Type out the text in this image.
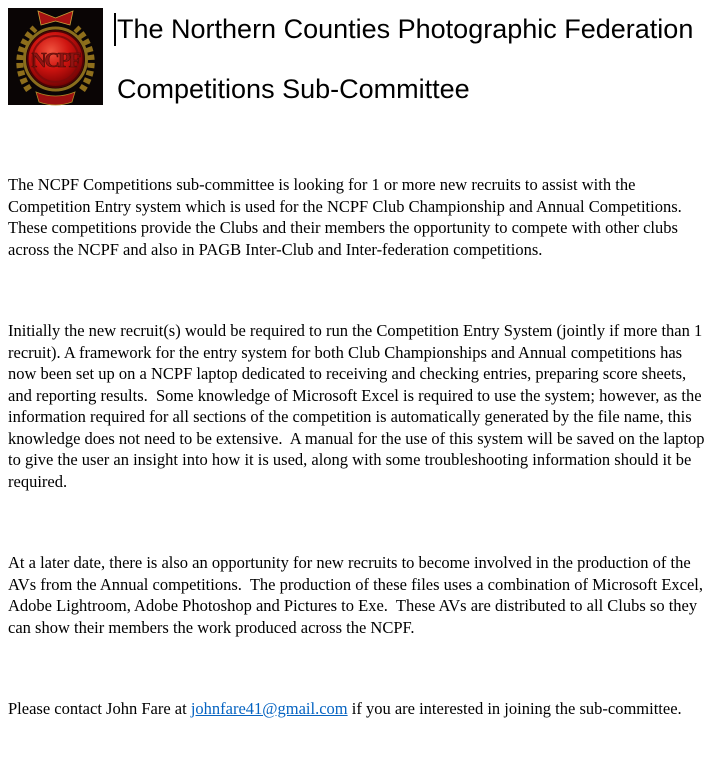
NCPF
The Northern Counties Photographic Federation
Competitions Sub-Committee

The NCPF Competitions sub-committee is looking for 1 or more new recruits to assist with the Competition Entry system which is used for the NCPF Club Championship and Annual Competitions.  These competitions provide the Clubs and their members the opportunity to compete with other clubs across the NCPF and also in PAGB Inter-Club and Inter-federation competitions.

Initially the new recruit(s) would be required to run the Competition Entry System (jointly if more than 1 recruit). A framework for the entry system for both Club Championships and Annual competitions has now been set up on a NCPF laptop dedicated to receiving and checking entries, preparing score sheets, and reporting results.  Some knowledge of Microsoft Excel is required to use the system; however, as the information required for all sections of the competition is automatically generated by the file name, this knowledge does not need to be extensive.  A manual for the use of this system will be saved on the laptop to give the user an insight into how it is used, along with some troubleshooting information should it be required.

At a later date, there is also an opportunity for new recruits to become involved in the production of the AVs from the Annual competitions.  The production of these files uses a combination of Microsoft Excel, Adobe Lightroom, Adobe Photoshop and Pictures to Exe.  These AVs are distributed to all Clubs so they can show their members the work produced across the NCPF.

Please contact John Fare at johnfare41@gmail.com if you are interested in joining the sub-committee.
